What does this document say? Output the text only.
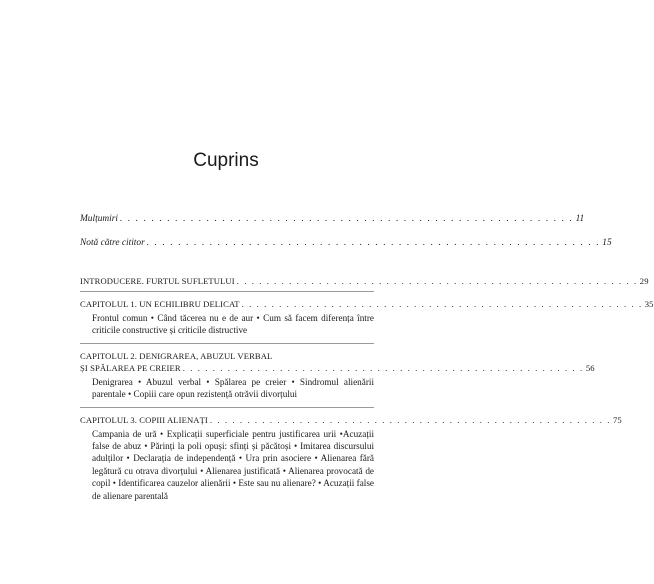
Cuprins
Mulțumiri . . . . . . . . . . . . . . . . . . . . . . . . . . . . . . . . . . . . . . . . . . . . . . . . . . . . . . . . . . 11
Notă către cititor . . . . . . . . . . . . . . . . . . . . . . . . . . . . . . . . . . . . . . . . . . . . . . . . . . . . . . . . . . 15
INTRODUCERE. FURTUL SUFLETULUI . . . . . . . . . . . . . . . . . . . . . . . . . . . . . . . . . . . . . . . . . . . . . . . . . . . . . . 29
CAPITOLUL 1. UN ECHILIBRU DELICAT . . . . . . . . . . . . . . . . . . . . . . . . . . . . . . . . . . . . . . . . . . . . . . . . . . . . . . 35
Frontul comun • Când tăcerea nu e de aur • Cum să facem diferența între criticile constructive și criticile distructive
CAPITOLUL 2. DENIGRAREA, ABUZUL VERBAL
ȘI SPĂLAREA PE CREIER . . . . . . . . . . . . . . . . . . . . . . . . . . . . . . . . . . . . . . . . . . . . . . . . . . . . . . 56
Denigrarea • Abuzul verbal • Spălarea pe creier • Sindromul alienării parentale • Copiii care opun rezistență otrăvii divorțului
CAPITOLUL 3. COPIII ALIENAȚI . . . . . . . . . . . . . . . . . . . . . . . . . . . . . . . . . . . . . . . . . . . . . . . . . . . . . . 75
Campania de ură • Explicații superficiale pentru justificarea urii •Acuzații false de abuz • Părinți la poli opuși: sfinți și păcătoși • Imitarea discursului adulților • Declarația de independență • Ura prin asociere • Alienarea fără legătură cu otrava divorțului • Alienarea justificată • Alienarea provocată de copil • Identificarea cauzelor alienării • Este sau nu alienare? • Acuzații false de alienare parentală
